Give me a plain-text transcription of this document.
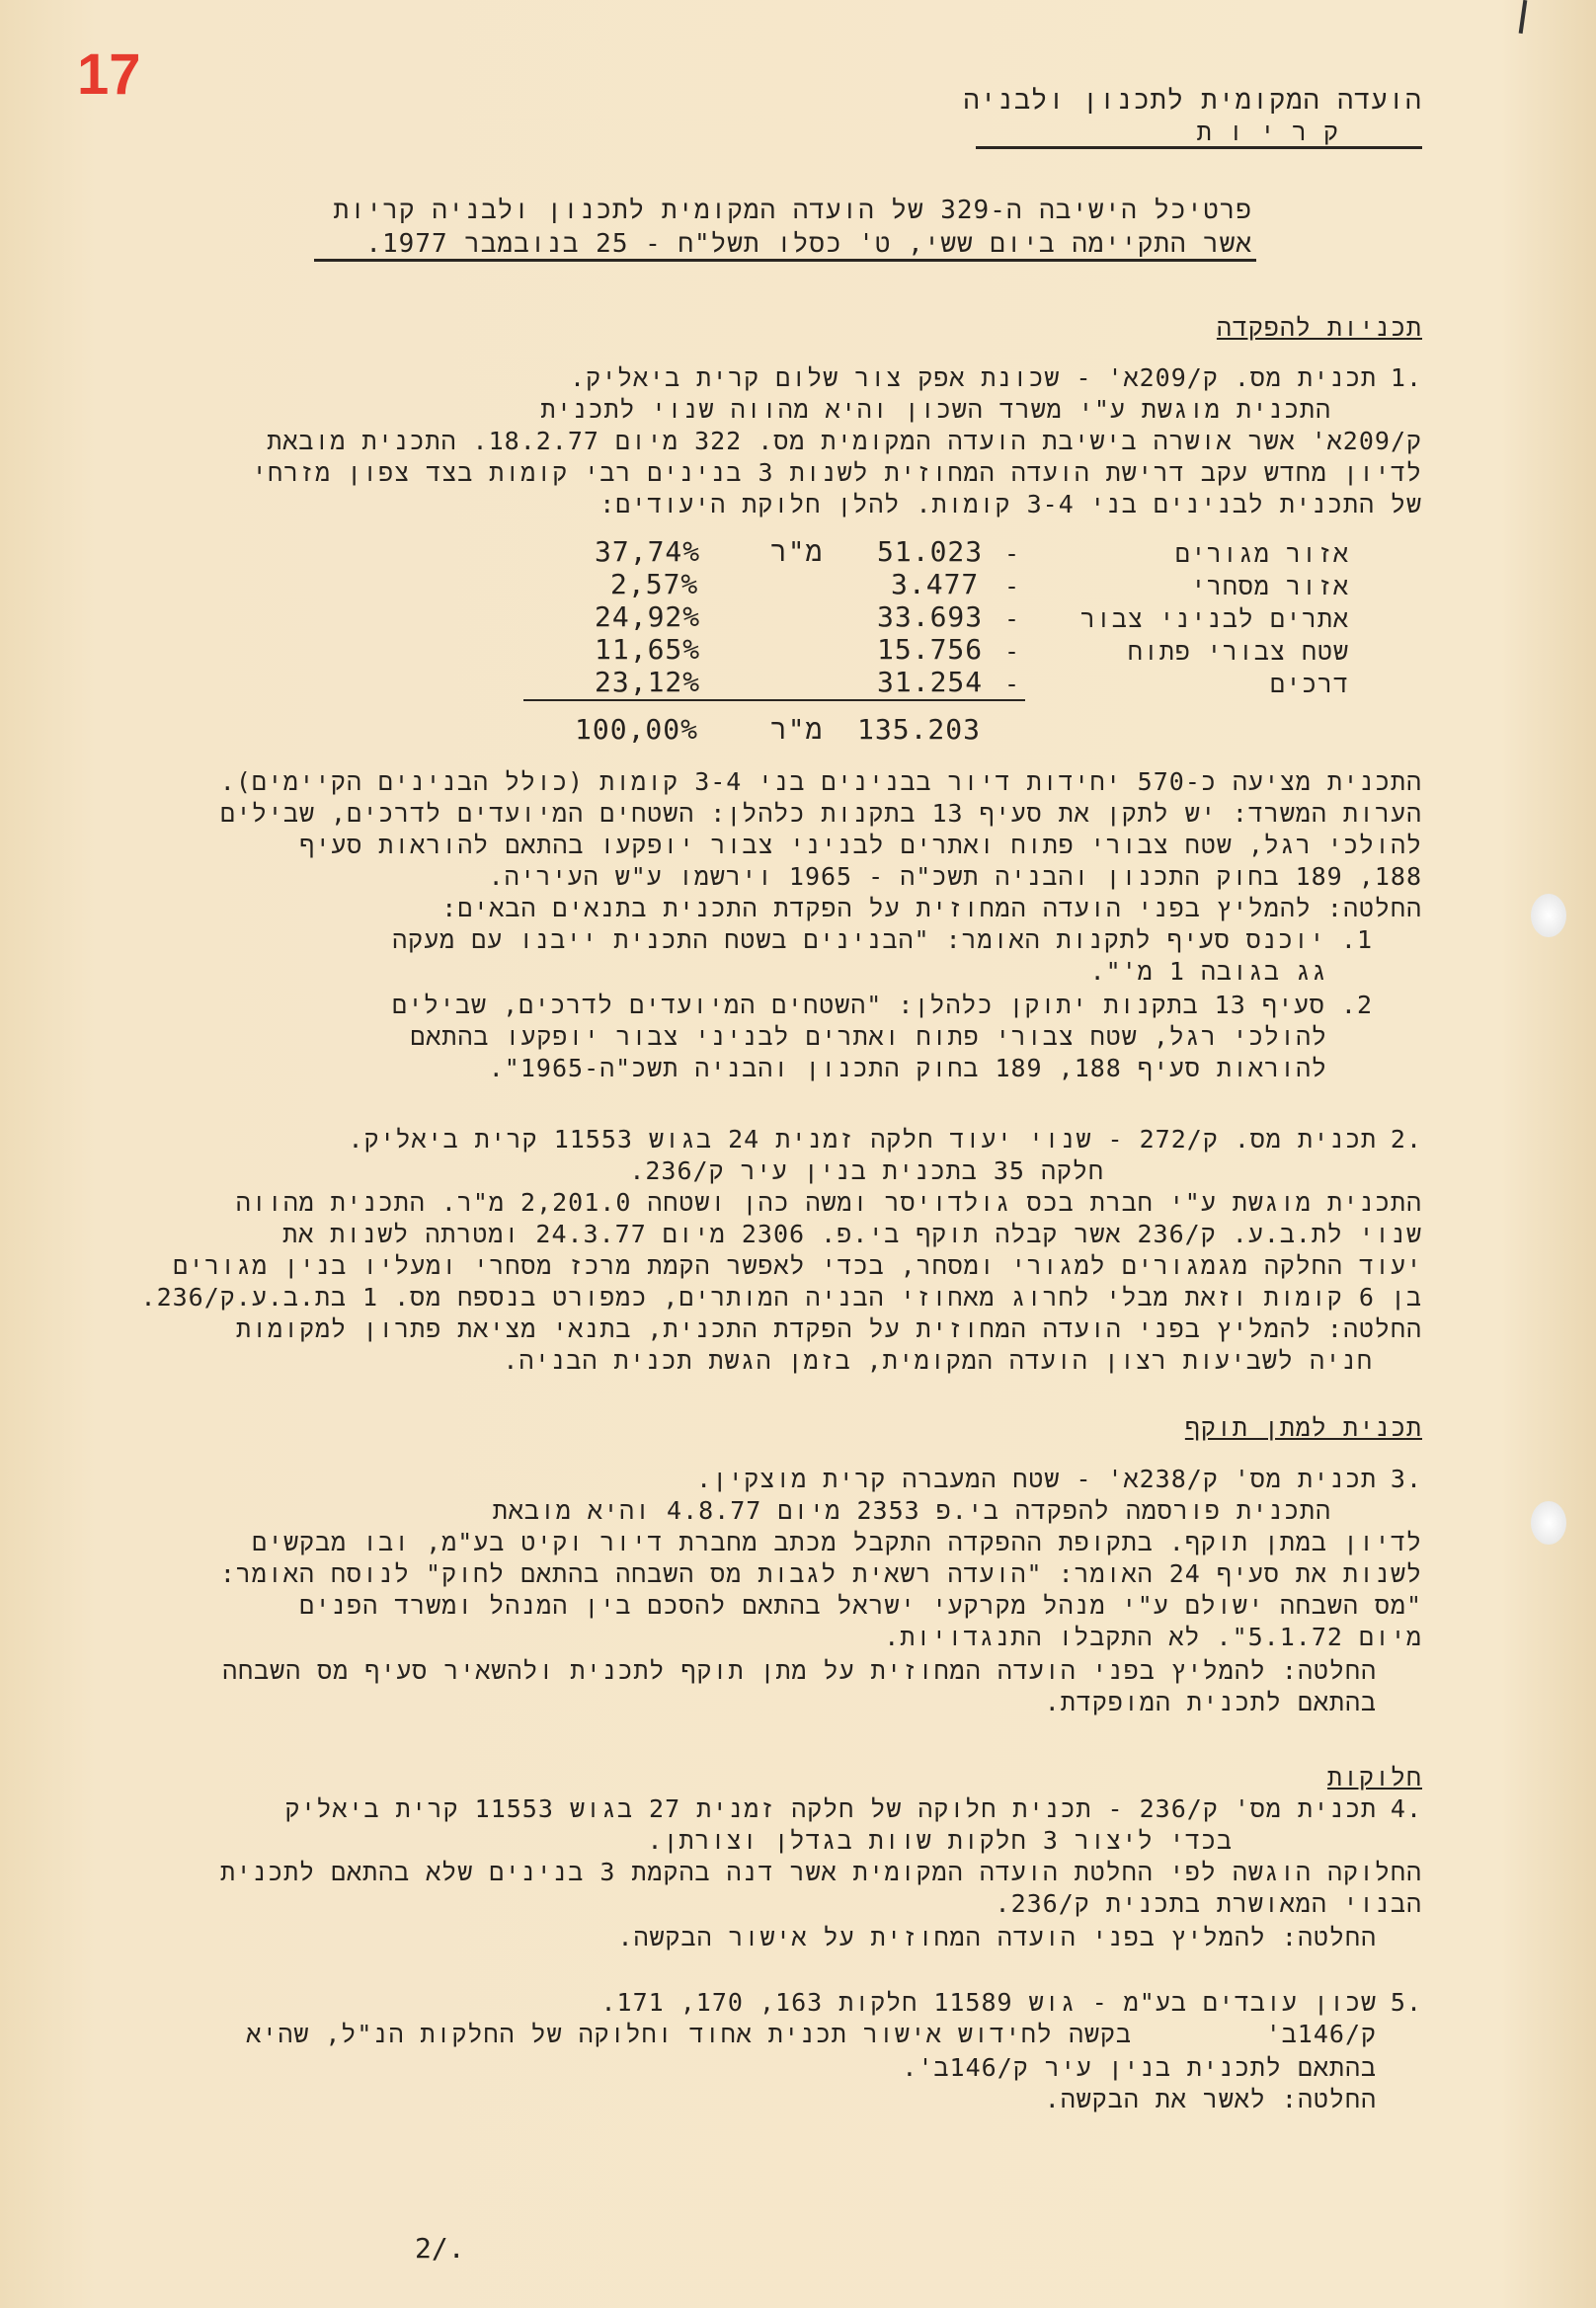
17	הועדה המקומית לתכנון ולבניה
ק ר י ו ת
פרטיכל הישיבה ה-329 של הועדה המקומית לתכנון ולבניה קריות
אשר התקיימה ביום ששי, ט' כסלו תשל"ח - 25 בנובמבר 1977.
תכניות להפקדה
.1
תכנית מס. ק/209א' - שכונת אפק צור שלום קרית ביאליק.
התכנית מוגשת ע"י משרד השכון והיא מהווה שנוי לתכנית
ק/209א' אשר אושרה בישיבת הועדה המקומית מס. 322 מיום 18.2.77. התכנית מובאת
לדיון מחדש עקב דרישת הועדה המחוזית לשנות 3 בנינים רבי קומות בצד צפון מזרחי
של התכנית לבנינים בני 3-4 קומות. להלן חלוקת היעודים:
אזור מגורים
-
51.023
מ"ר
37,74%
אזור מסחרי
-
3.477
2,57%
אתרים לבניני צבור
-
33.693
24,92%
שטח צבורי פתוח
-
15.756
11,65%
דרכים
-
31.254
23,12%
135.203
מ"ר
100,00%
התכנית מציעה כ-570 יחידות דיור בבנינים בני 3-4 קומות (כולל הבנינים הקיימים).
הערות המשרד: יש לתקן את סעיף 13 בתקנות כלהלן: השטחים המיועדים לדרכים, שבילים
להולכי רגל, שטח צבורי פתוח ואתרים לבניני צבור יופקעו בהתאם להוראות סעיף
188, 189 בחוק התכנון והבניה תשכ"ה - 1965 וירשמו ע"ש העיריה.
החלטה: להמליץ בפני הועדה המחוזית על הפקדת התכנית בתנאים הבאים:
1. יוכנס סעיף לתקנות האומר: "הבנינים בשטח התכנית ייבנו עם מעקה
גג בגובה 1 מ'".
2. סעיף 13 בתקנות יתוקן כלהלן: "השטחים המיועדים לדרכים, שבילים
להולכי רגל, שטח צבורי פתוח ואתרים לבניני צבור יופקעו בהתאם
להוראות סעיף 188, 189 בחוק התכנון והבניה תשכ"ה-1965".
.2
תכנית מס. ק/272 - שנוי יעוד חלקה זמנית 24 בגוש 11553 קרית ביאליק.
חלקה 35 בתכנית בנין עיר ק/236.
התכנית מוגשת ע"י חברת בכס גולדויסר ומשה כהן ושטחה 2,201.0 מ"ר. התכנית מהווה
שנוי לת.ב.ע. ק/236 אשר קבלה תוקף בי.פ. 2306 מיום 24.3.77 ומטרתה לשנות את
יעוד החלקה מגמגורים למגורי ומסחר, בכדי לאפשר הקמת מרכז מסחרי ומעליו בנין מגורים
בן 6 קומות וזאת מבלי לחרוג מאחוזי הבניה המותרים, כמפורט בנספח מס. 1 בת.ב.ע.ק/236.
החלטה: להמליץ בפני הועדה המחוזית על הפקדת התכנית, בתנאי מציאת פתרון למקומות
חניה לשביעות רצון הועדה המקומית, בזמן הגשת תכנית הבניה.
תכנית למתן תוקף
.3
תכנית מס' ק/238א' - שטח המעברה קרית מוצקין.
התכנית פורסמה להפקדה בי.פ 2353 מיום 4.8.77 והיא מובאת
לדיון במתן תוקף. בתקופת ההפקדה התקבל מכתב מחברת דיור וקיט בע"מ, ובו מבקשים
לשנות את סעיף 24 האומר: "הועדה רשאית לגבות מס השבחה בהתאם לחוק" לנוסח האומר:
"מס השבחה ישולם ע"י מנהל מקרקעי ישראל בהתאם להסכם בין המנהל ומשרד הפנים
מיום 5.1.72". לא התקבלו התנגדויות.
החלטה: להמליץ בפני הועדה המחוזית על מתן תוקף לתכנית ולהשאיר סעיף מס השבחה
בהתאם לתכנית המופקדת.
חלוקות
.4
תכנית מס' ק/236 - תכנית חלוקה של חלקה זמנית 27 בגוש 11553 קרית ביאליק
בכדי ליצור 3 חלקות שוות בגדלן וצורתן.
החלוקה הוגשה לפי החלטת הועדה המקומית אשר דנה בהקמת 3 בנינים שלא בהתאם לתכנית
הבנוי המאושרת בתכנית ק/236.
החלטה: להמליץ בפני הועדה המחוזית על אישור הבקשה.
.5
שכון עובדים בע"מ - גוש 11589 חלקות 163, 170, 171.
ק/146ב'
בקשה לחידוש אישור תכנית אחוד וחלוקה של החלקות הנ"ל, שהיא
בהתאם לתכנית בנין עיר ק/146ב'.
החלטה: לאשר את הבקשה.
2/.
